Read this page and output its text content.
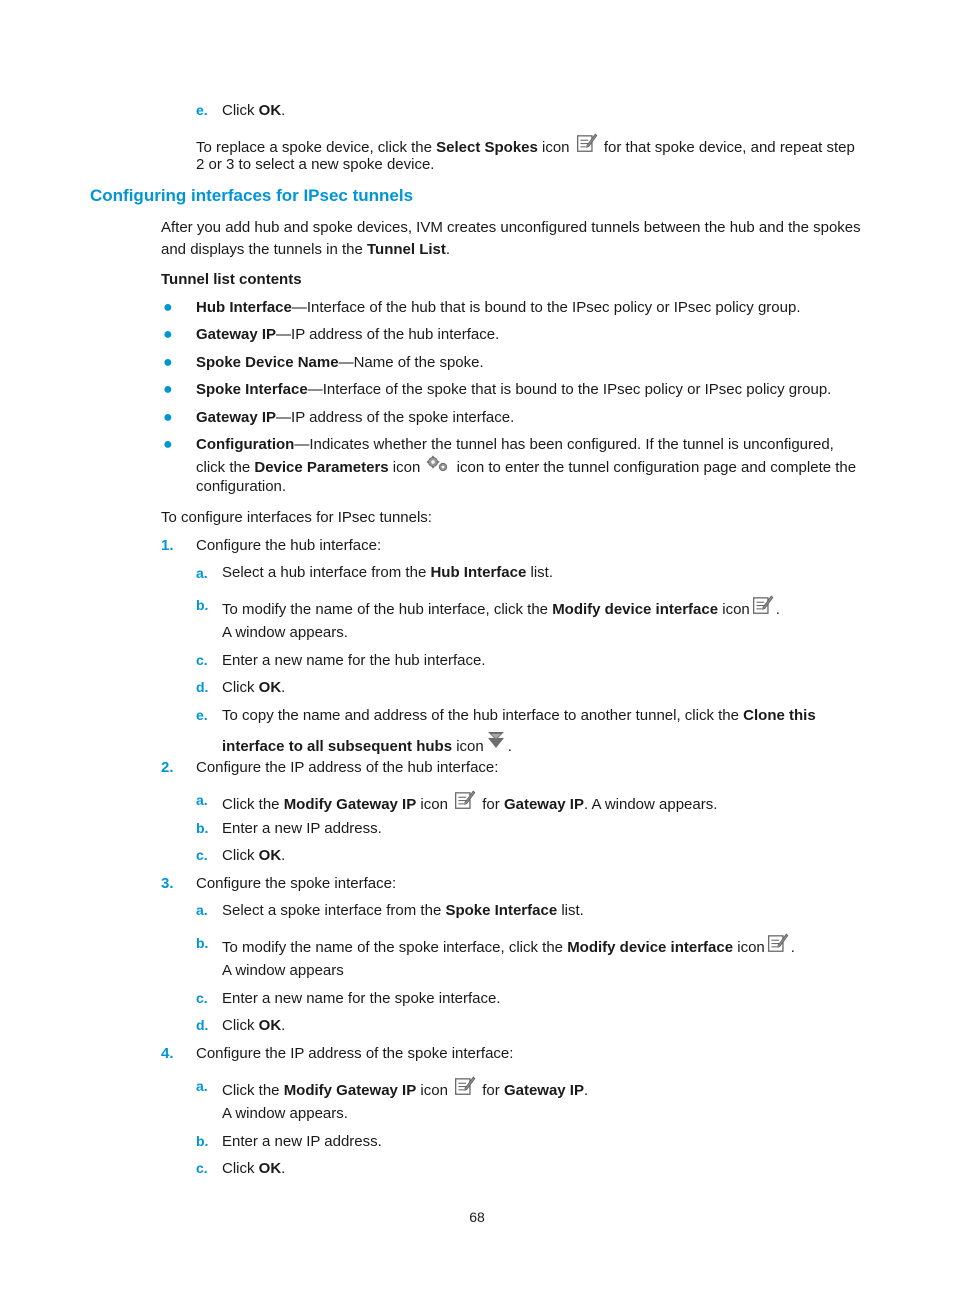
e. Click OK.
To replace a spoke device, click the Select Spokes icon  for that spoke device, and repeat step
2 or 3 to select a new spoke device.
Configuring interfaces for IPsec tunnels
After you add hub and spoke devices, IVM creates unconfigured tunnels between the hub and the spokes
and displays the tunnels in the Tunnel List.
Tunnel list contents
● Hub Interface—Interface of the hub that is bound to the IPsec policy or IPsec policy group.
● Gateway IP—IP address of the hub interface.
● Spoke Device Name—Name of the spoke.
● Spoke Interface—Interface of the spoke that is bound to the IPsec policy or IPsec policy group.
● Gateway IP—IP address of the spoke interface.
● Configuration—Indicates whether the tunnel has been configured. If the tunnel is unconfigured,
click the Device Parameters icon  icon to enter the tunnel configuration page and complete the
configuration.
To configure interfaces for IPsec tunnels:
1. Configure the hub interface:
a. Select a hub interface from the Hub Interface list.
b. To modify the name of the hub interface, click the Modify device interface icon .
A window appears.
c. Enter a new name for the hub interface.
d. Click OK.
e. To copy the name and address of the hub interface to another tunnel, click the Clone this
interface to all subsequent hubs icon .
2. Configure the IP address of the hub interface:
a. Click the Modify Gateway IP icon  for Gateway IP. A window appears.
b. Enter a new IP address.
c. Click OK.
3. Configure the spoke interface:
a. Select a spoke interface from the Spoke Interface list.
b. To modify the name of the spoke interface, click the Modify device interface icon .
A window appears
c. Enter a new name for the spoke interface.
d. Click OK.
4. Configure the IP address of the spoke interface:
a. Click the Modify Gateway IP icon  for Gateway IP.
A window appears.
b. Enter a new IP address.
c. Click OK.
68
